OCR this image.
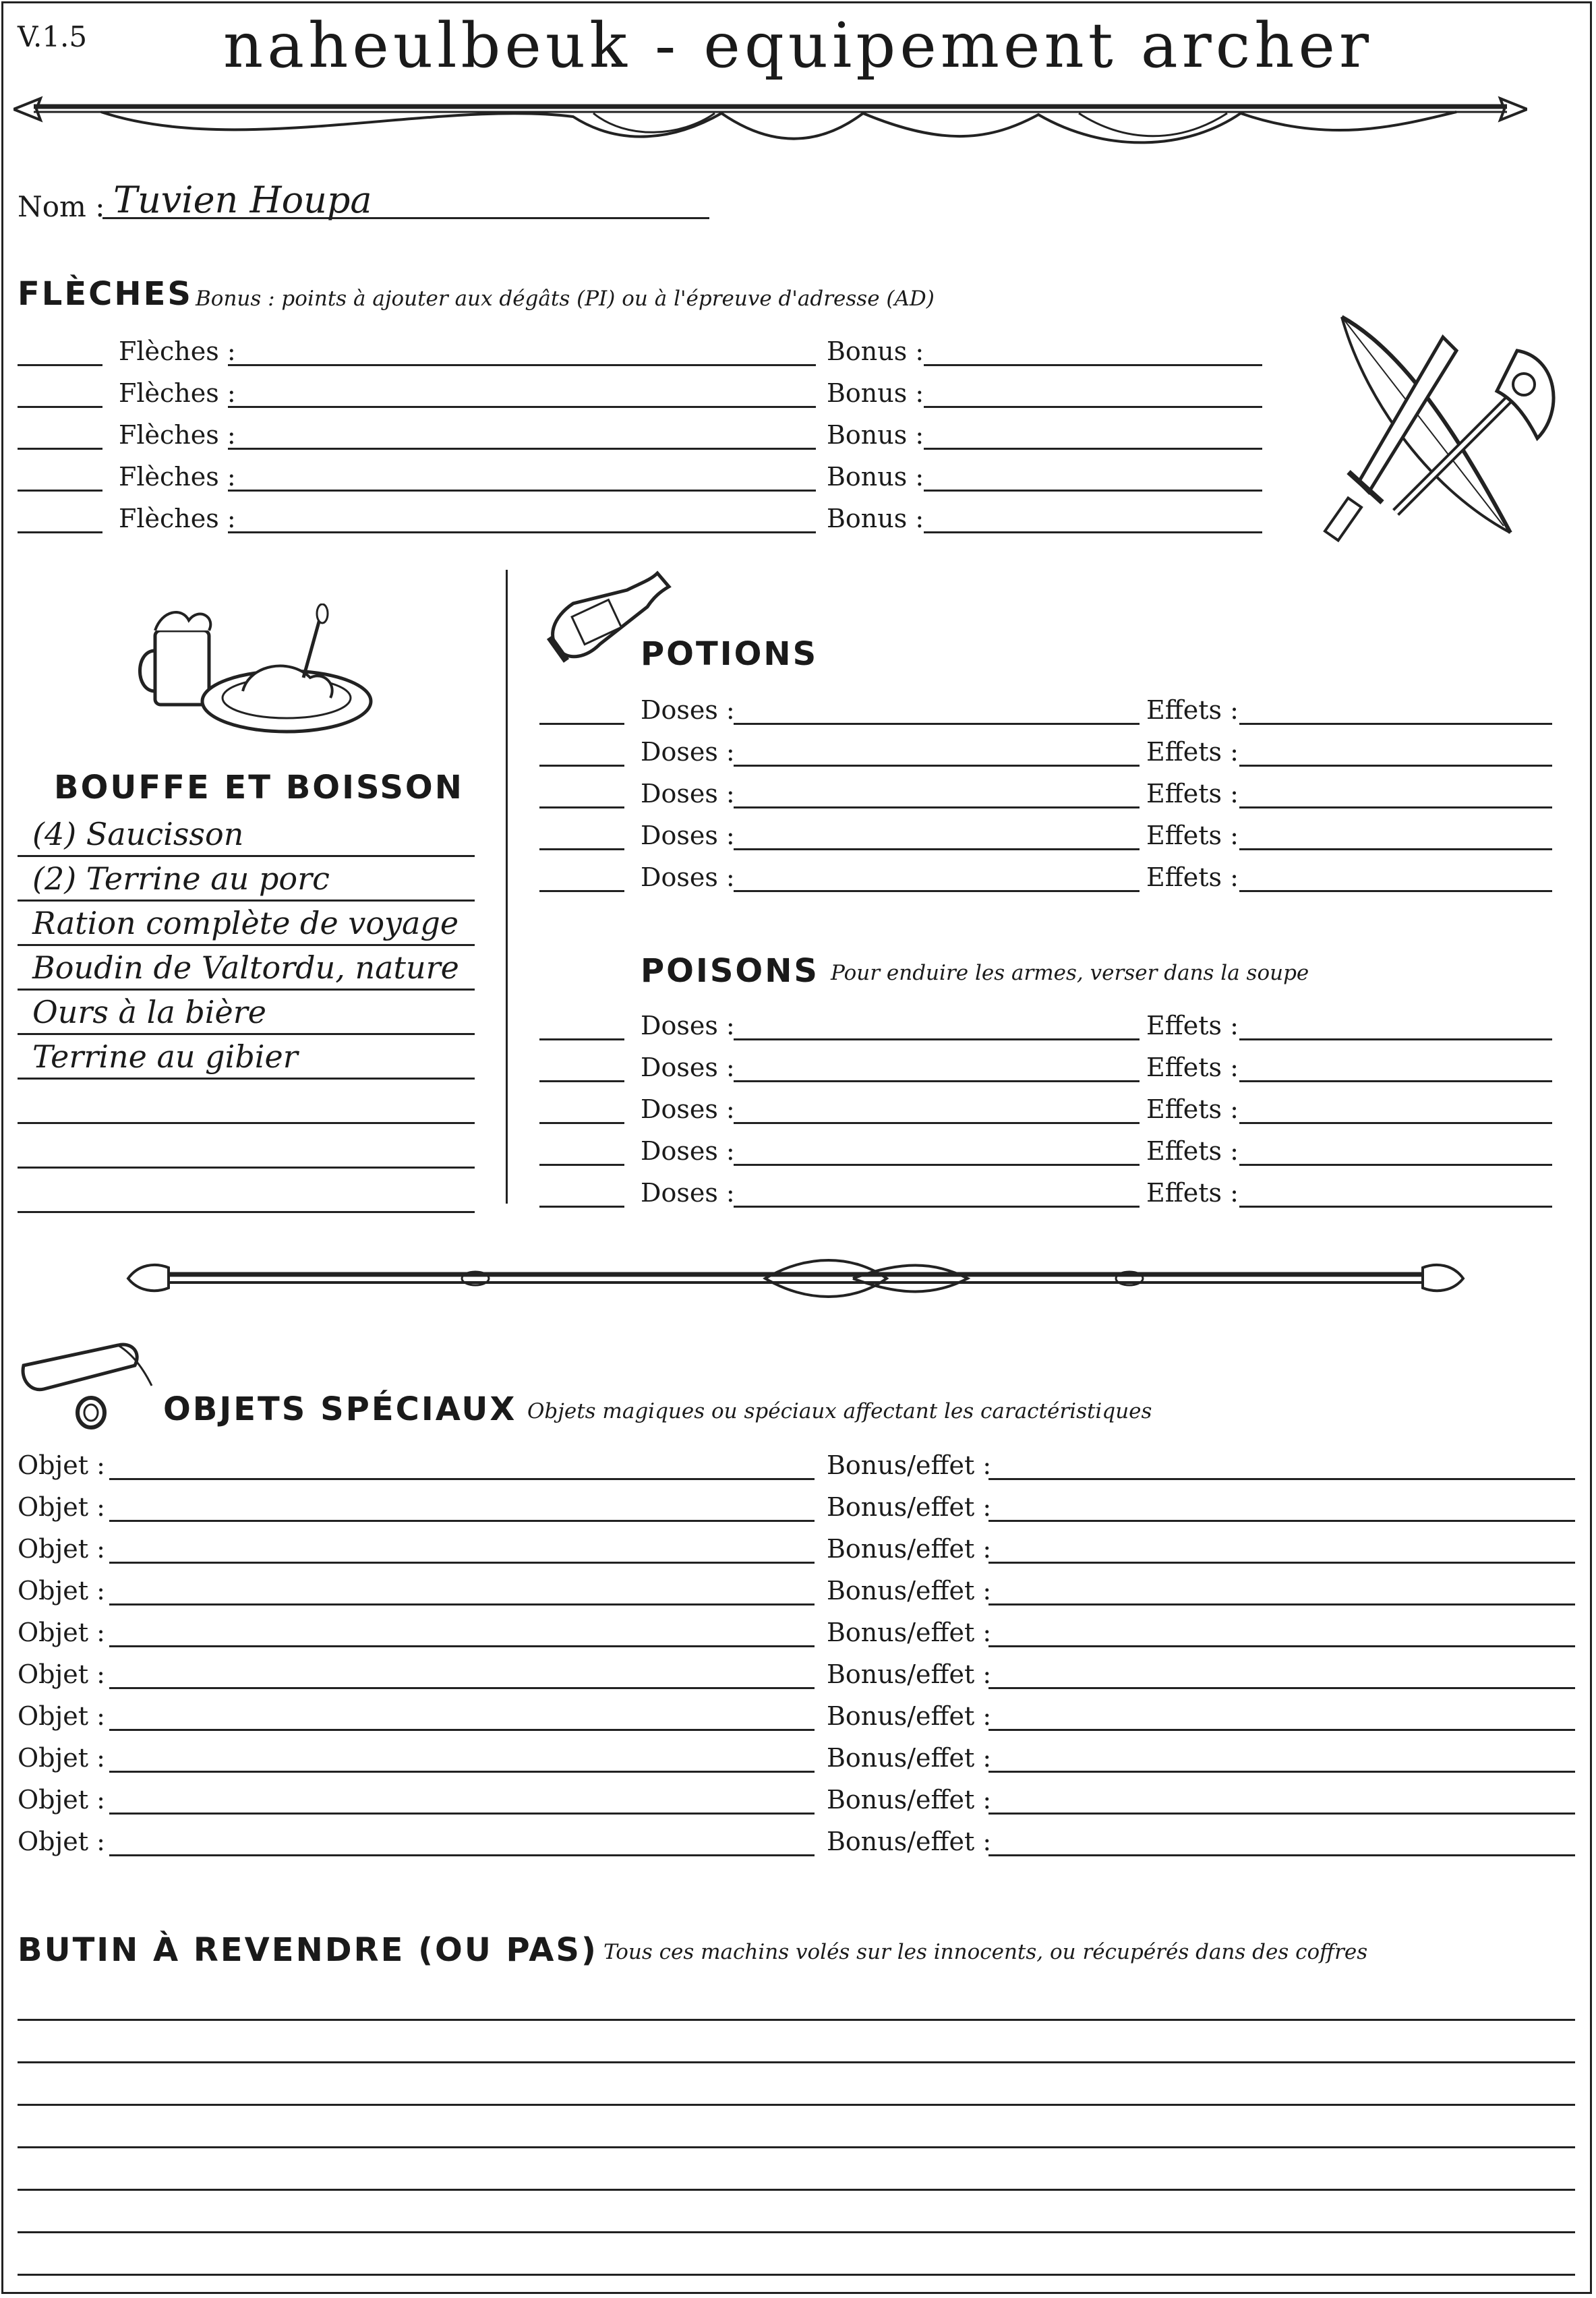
V.1.5	naheulbeuk - equipement archer
Nom : Tuvien Houpa
FLÈCHES Bonus : points à ajouter aux dégâts (PI) ou à l'épreuve d'adresse (AD)
Flèches :	Bonus :
Flèches :	Bonus :
Flèches :	Bonus :
Flèches :	Bonus :
Flèches :	Bonus :
BOUFFE ET BOISSON
(4) Saucisson
(2) Terrine au porc
Ration complète de voyage
Boudin de Valtordu, nature
Ours à la bière
Terrine au gibier
POTIONS
Doses :	Effets :
Doses :	Effets :
Doses :	Effets :
Doses :	Effets :
Doses :	Effets :
POISONS Pour enduire les armes, verser dans la soupe
Doses :	Effets :
Doses :	Effets :
Doses :	Effets :
Doses :	Effets :
Doses :	Effets :
OBJETS SPÉCIAUX Objets magiques ou spéciaux affectant les caractéristiques
Objet :	Bonus/effet :
Objet :	Bonus/effet :
Objet :	Bonus/effet :
Objet :	Bonus/effet :
Objet :	Bonus/effet :
Objet :	Bonus/effet :
Objet :	Bonus/effet :
Objet :	Bonus/effet :
Objet :	Bonus/effet :
Objet :	Bonus/effet :
BUTIN À REVENDRE (OU PAS) Tous ces machins volés sur les innocents, ou récupérés dans des coffres
